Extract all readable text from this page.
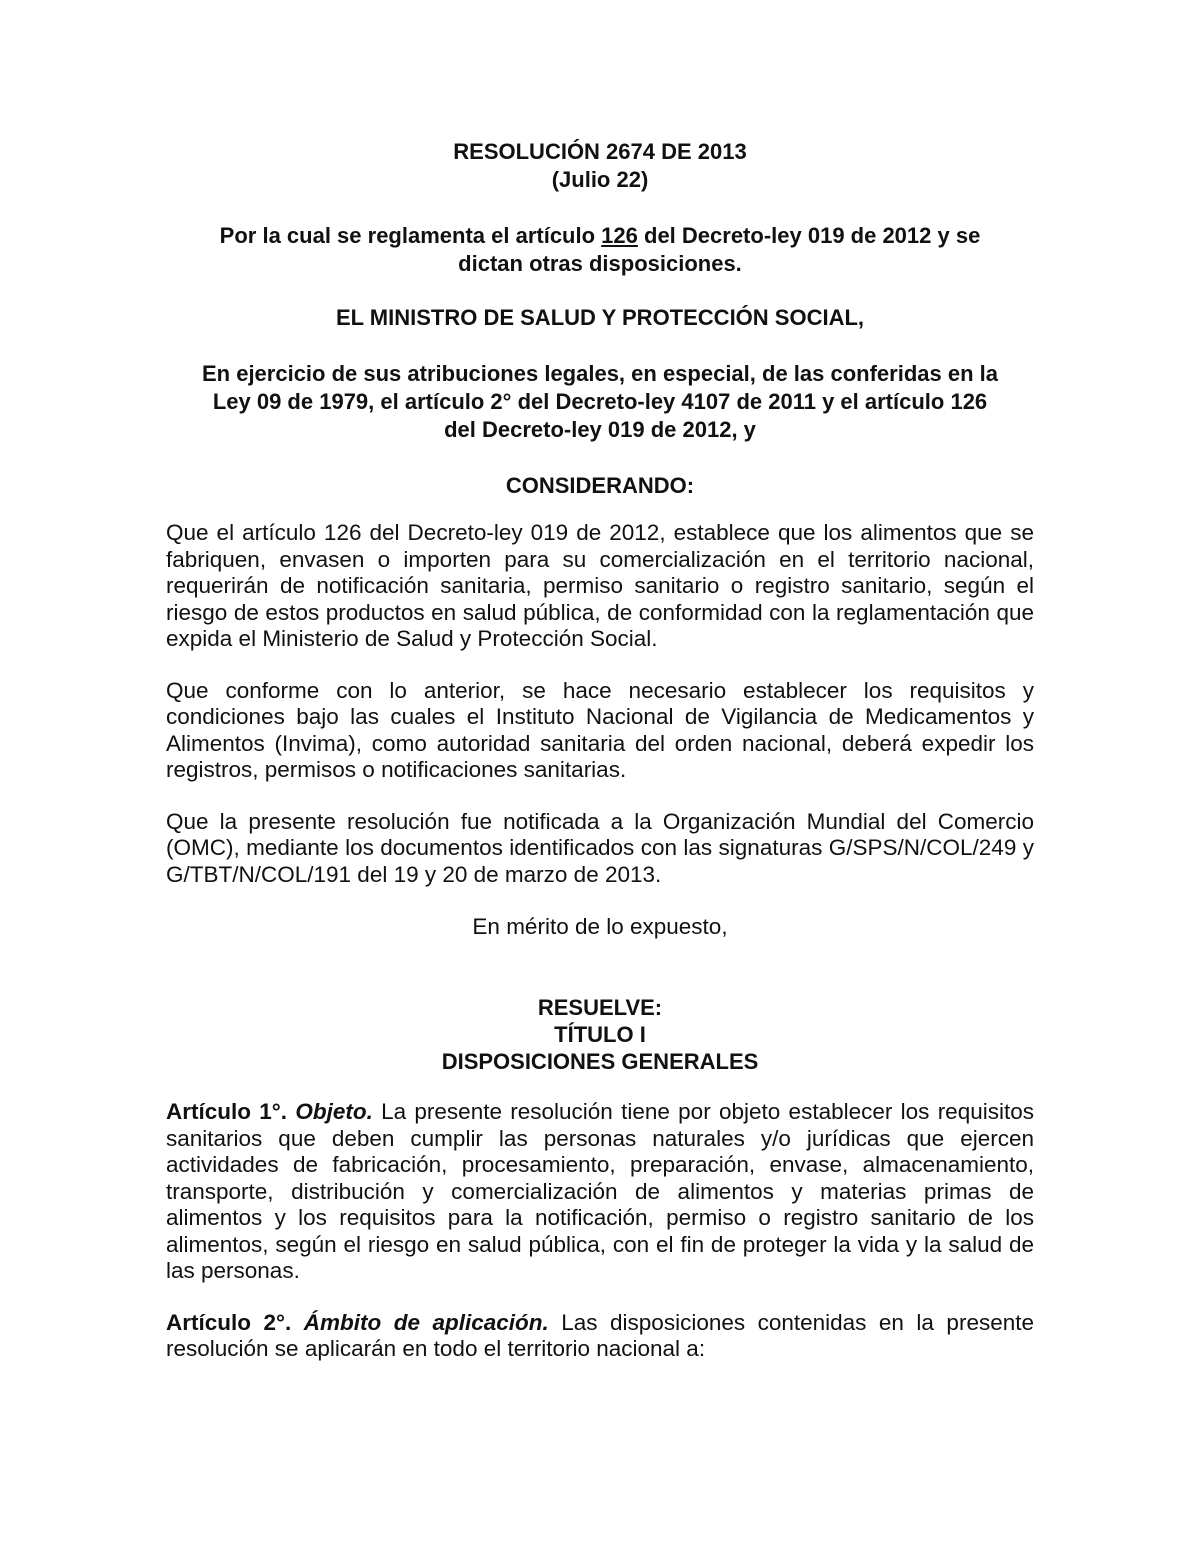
RESOLUCIÓN 2674 DE 2013
(Julio 22)
Por la cual se reglamenta el artículo 126 del Decreto-ley 019 de 2012 y se
dictan otras disposiciones.
EL MINISTRO DE SALUD Y PROTECCIÓN SOCIAL,
En ejercicio de sus atribuciones legales, en especial, de las conferidas en la
Ley 09 de 1979, el artículo 2° del Decreto-ley 4107 de 2011 y el artículo 126
del Decreto-ley 019 de 2012, y
CONSIDERANDO:

Que el artículo 126 del Decreto-ley 019 de 2012, establece que los alimentos que se fabriquen, envasen o importen para su comercialización en el territorio nacional, requerirán de notificación sanitaria, permiso sanitario o registro sanitario, según el riesgo de estos productos en salud pública, de conformidad con la reglamentación que expida el Ministerio de Salud y Protección Social.

Que conforme con lo anterior, se hace necesario establecer los requisitos y condiciones bajo las cuales el Instituto Nacional de Vigilancia de Medicamentos y Alimentos (Invima), como autoridad sanitaria del orden nacional, deberá expedir los registros, permisos o notificaciones sanitarias.

Que la presente resolución fue notificada a la Organización Mundial del Comercio (OMC), mediante los documentos identificados con las signaturas G/SPS/N/COL/249 y G/TBT/N/COL/191 del 19 y 20 de marzo de 2013.

En mérito de lo expuesto,
RESUELVE:
TÍTULO I
DISPOSICIONES GENERALES

Artículo 1°. Objeto. La presente resolución tiene por objeto establecer los requisitos sanitarios que deben cumplir las personas naturales y/o jurídicas que ejercen actividades de fabricación, procesamiento, preparación, envase, almacenamiento, transporte, distribución y comercialización de alimentos y materias primas de alimentos y los requisitos para la notificación, permiso o registro sanitario de los alimentos, según el riesgo en salud pública, con el fin de proteger la vida y la salud de las personas.

Artículo 2°. Ámbito de aplicación. Las disposiciones contenidas en la presente resolución se aplicarán en todo el territorio nacional a:
